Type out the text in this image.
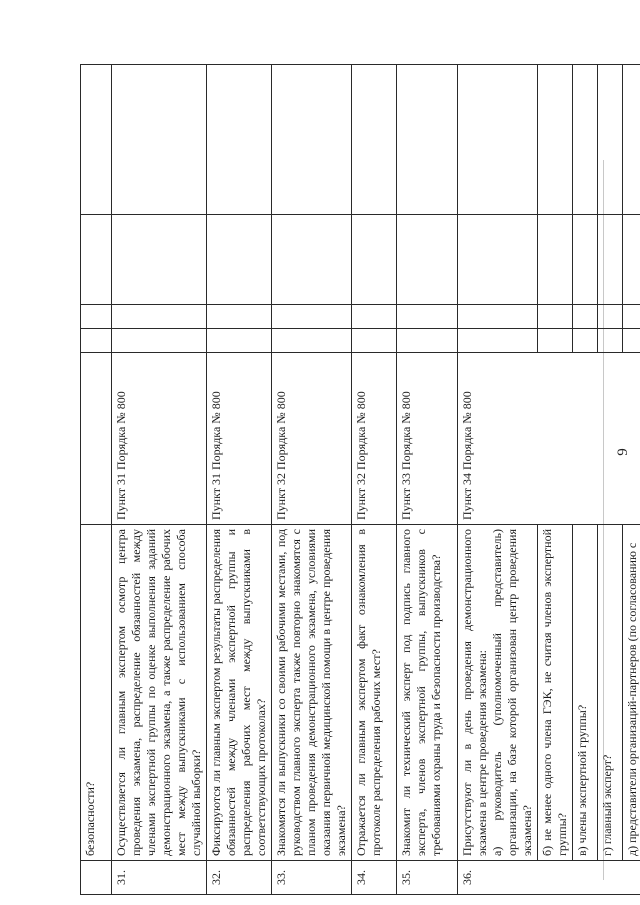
9
	безопасности?					
31.	Осуществляется ли главным экспертом осмотр центра проведения экзамена, распределение обязанностей между членами экспертной группы по оценке выполнения заданий демонстрационного экзамена, а также распределение рабочих мест между выпускниками с использованием способа случайной выборки?	Пункт 31 Порядка № 800				
32.	Фиксируются ли главным экспертом результаты распределения обязанностей между членами экспертной группы и распределения рабочих мест между выпускниками в соответствующих протоколах?	Пункт 31 Порядка № 800				
33.	Знакомятся ли выпускники со своими рабочими местами, под руководством главного эксперта также повторно знакомятся с планом проведения демонстрационного экзамена, условиями оказания первичной медицинской помощи в центре проведения экзамена?	Пункт 32 Порядка № 800				
34.	Отражается ли главным экспертом факт ознакомления в протоколе распределения рабочих мест?	Пункт 32 Порядка № 800				
35.	Знакомит ли технический эксперт под подпись главного эксперта, членов экспертной группы, выпускников с требованиями охраны труда и безопасности производства?	Пункт 33 Порядка № 800				
36.	Присутствуют ли в день проведения демонстрационного экзамена в центре проведения экзамена: а) руководитель (уполномоченный представитель) организации, на базе которой организован центр проведения экзамена?	Пункт 34 Порядка № 800				
	б) не менее одного члена ГЭК, не считая членов экспертной группы?					
	в) члены экспертной группы?					
	г) главный эксперт?					
	д) представители организаций-партнеров (по согласованию с					
